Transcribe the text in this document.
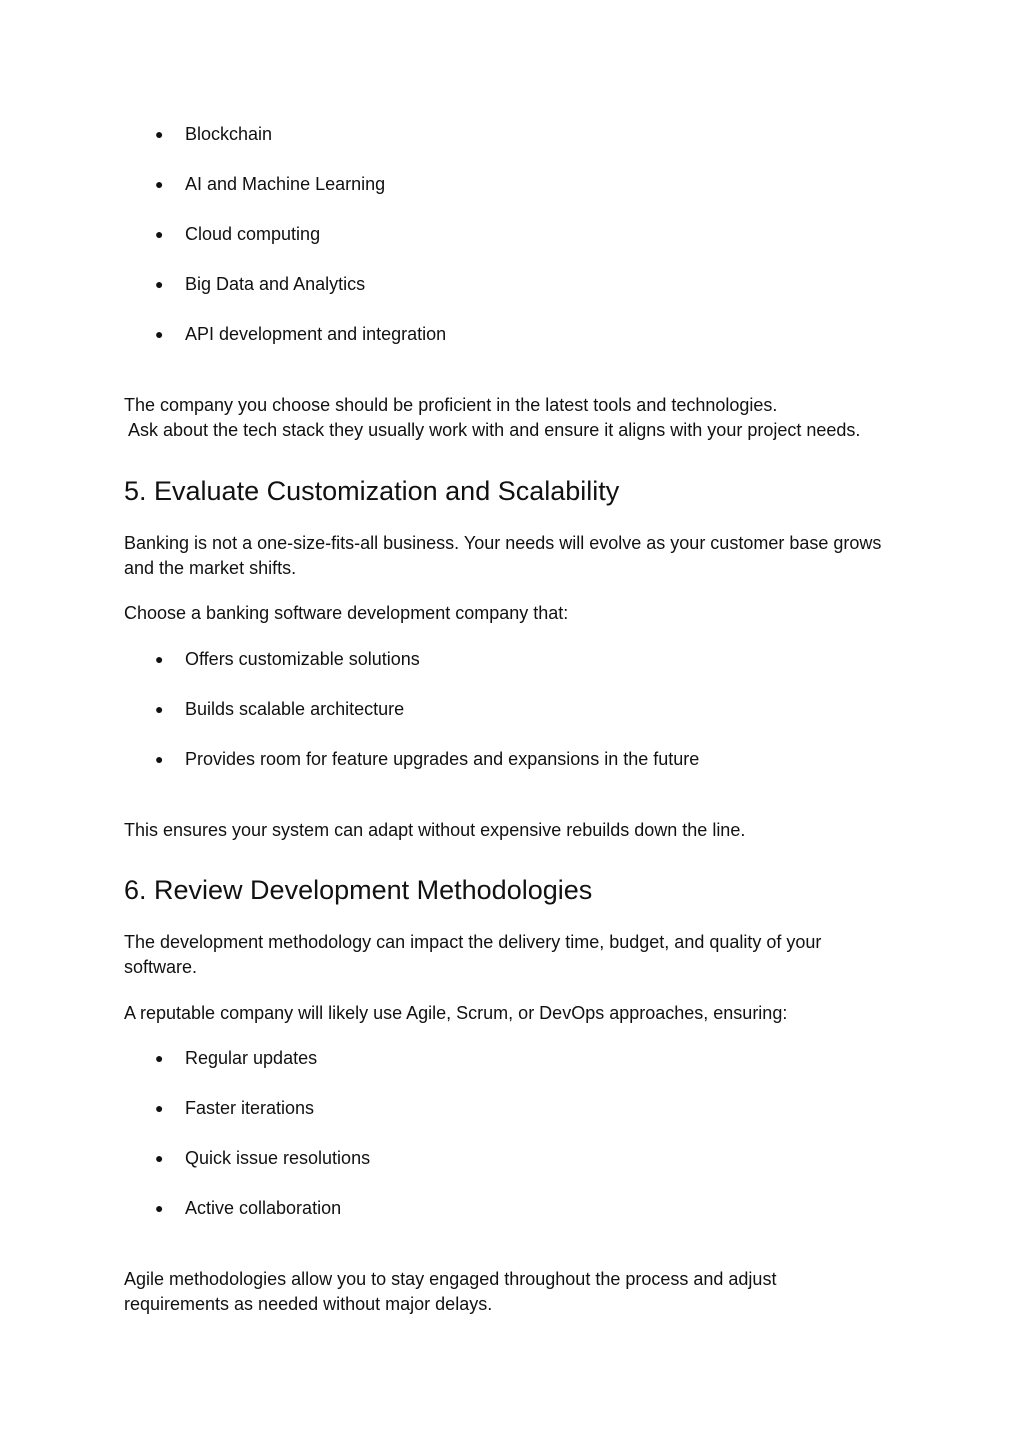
● Blockchain
● AI and Machine Learning
● Cloud computing
● Big Data and Analytics
● API development and integration

The company you choose should be proficient in the latest tools and technologies.
Ask about the tech stack they usually work with and ensure it aligns with your project needs.

5. Evaluate Customization and Scalability

Banking is not a one-size-fits-all business. Your needs will evolve as your customer base grows and the market shifts.

Choose a banking software development company that:

● Offers customizable solutions
● Builds scalable architecture
● Provides room for feature upgrades and expansions in the future

This ensures your system can adapt without expensive rebuilds down the line.

6. Review Development Methodologies

The development methodology can impact the delivery time, budget, and quality of your software.

A reputable company will likely use Agile, Scrum, or DevOps approaches, ensuring:

● Regular updates
● Faster iterations
● Quick issue resolutions
● Active collaboration

Agile methodologies allow you to stay engaged throughout the process and adjust requirements as needed without major delays.
